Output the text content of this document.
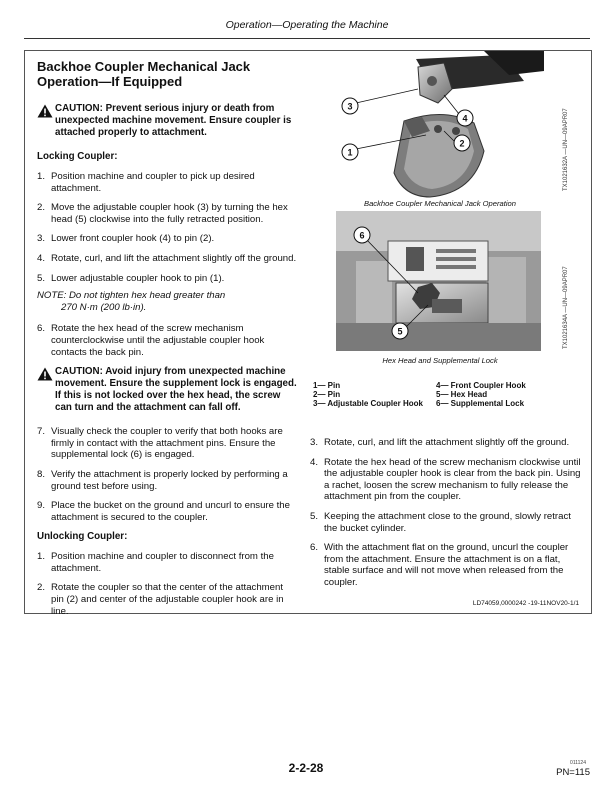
Operation—Operating the Machine
Backhoe Coupler Mechanical Jack
Operation—If Equipped
CAUTION: Prevent serious injury or death from unexpected machine movement. Ensure coupler is attached properly to attachment.
Locking Coupler:
1. Position machine and coupler to pick up desired attachment.
2. Move the adjustable coupler hook (3) by turning the hex head (5) clockwise into the fully retracted position.
3. Lower front coupler hook (4) to pin (2).
4. Rotate, curl, and lift the attachment slightly off the ground.
5. Lower adjustable coupler hook to pin (1).
NOTE: Do not tighten hex head greater than
270 N·m (200 lb·in).
6. Rotate the hex head of the screw mechanism counterclockwise until the adjustable coupler hook contacts the back pin.
CAUTION: Avoid injury from unexpected machine movement. Ensure the supplement lock is engaged. If this is not locked over the hex head, the screw can turn and the attachment can fall off.
7. Visually check the coupler to verify that both hooks are firmly in contact with the attachment pins. Ensure the supplemental lock (6) is engaged.
8. Verify the attachment is properly locked by performing a ground test before using.
9. Place the bucket on the ground and uncurl to ensure the attachment is secured to the coupler.
Unlocking Coupler:
1. Position machine and coupler to disconnect from the attachment.
2. Rotate the coupler so that the center of the attachment pin (2) and center of the adjustable coupler hook are in line.
3
4
2
1
Backhoe Coupler Mechanical Jack Operation
TX1021632A —UN—09APR07
6
5
Hex Head and Supplemental Lock
TX1021634A —UN—09APR07
1— Pin	4— Front Coupler Hook
2— Pin	5— Hex Head
3— Adjustable Coupler Hook	6— Supplemental Lock
3. Rotate, curl, and lift the attachment slightly off the ground.
4. Rotate the hex head of the screw mechanism clockwise until the adjustable coupler hook is clear from the back pin. Using a rachet, loosen the screw mechanism to fully release the attachment pin from the coupler.
5. Keeping the attachment close to the ground, slowly retract the bucket cylinder.
6. With the attachment flat on the ground, uncurl the coupler from the attachment. Ensure the attachment is on a flat, stable surface and will not move when released from the coupler.
LD74059,0000242 -19-11NOV20-1/1
2-2-28	011124
PN=115
